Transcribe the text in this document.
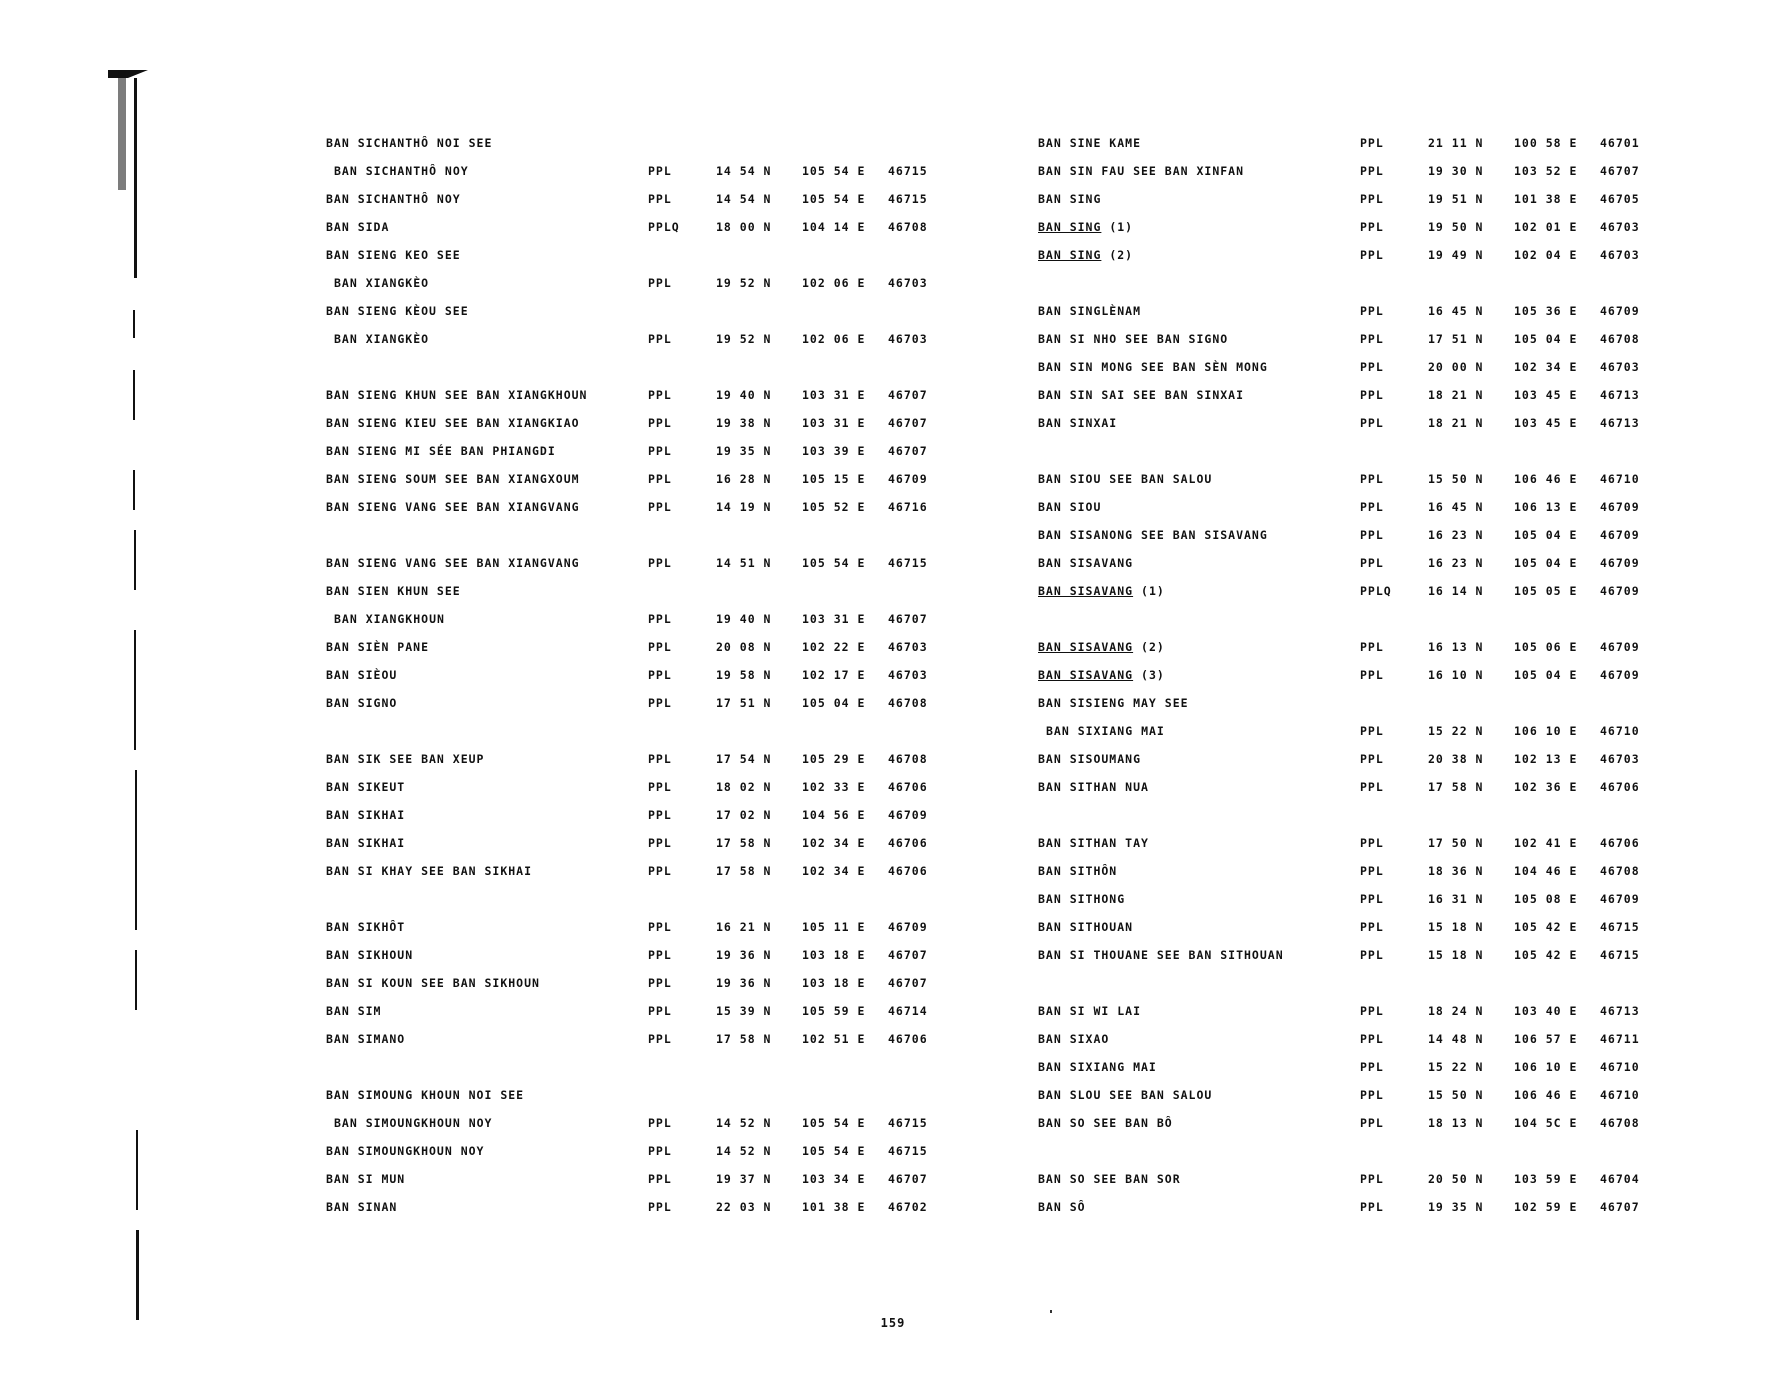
BAN SICHANTHÔ NOI SEE
BAN SICHANTHÔ NOY	PPL	14 54 N	105 54 E 46715
BAN SICHANTHÔ NOY	PPL	14 54 N	105 54 E 46715
BAN SIDA	PPLQ	18 00 N	104 14 E 46708
BAN SIENG KEO SEE
BAN XIANGKÈO	PPL	19 52 N	102 06 E 46703
BAN SIENG KÈOU SEE
BAN XIANGKÈO	PPL	19 52 N	102 06 E 46703
BAN SIENG KHUN SEE BAN XIANGKHOUN	PPL	19 40 N	103 31 E 46707
BAN SIENG KIEU SEE BAN XIANGKIAO	PPL	19 38 N	103 31 E 46707
BAN SIENG MI SÉE BAN PHIANGDI	PPL	19 35 N	103 39 E 46707
BAN SIENG SOUM SEE BAN XIANGXOUM	PPL	16 28 N	105 15 E 46709
BAN SIENG VANG SEE BAN XIANGVANG	PPL	14 19 N	105 52 E 46716
BAN SIENG VANG SEE BAN XIANGVANG	PPL	14 51 N	105 54 E 46715
BAN SIEN KHUN SEE
BAN XIANGKHOUN	PPL	19 40 N	103 31 E 46707
BAN SIÈN PANE	PPL	20 08 N	102 22 E 46703
BAN SIÈOU	PPL	19 58 N	102 17 E 46703
BAN SIGNO	PPL	17 51 N	105 04 E 46708
BAN SIK SEE BAN XEUP	PPL	17 54 N	105 29 E 46708
BAN SIKEUT	PPL	18 02 N	102 33 E 46706
BAN SIKHAI	PPL	17 02 N	104 56 E 46709
BAN SIKHAI	PPL	17 58 N	102 34 E 46706
BAN SI KHAY SEE BAN SIKHAI	PPL	17 58 N	102 34 E 46706
BAN SIKHÔT	PPL	16 21 N	105 11 E 46709
BAN SIKHOUN	PPL	19 36 N	103 18 E 46707
BAN SI KOUN SEE BAN SIKHOUN	PPL	19 36 N	103 18 E 46707
BAN SIM	PPL	15 39 N	105 59 E 46714
BAN SIMANO	PPL	17 58 N	102 51 E 46706
BAN SIMOUNG KHOUN NOI SEE
BAN SIMOUNGKHOUN NOY	PPL	14 52 N	105 54 E 46715
BAN SIMOUNGKHOUN NOY	PPL	14 52 N	105 54 E 46715
BAN SI MUN	PPL	19 37 N	103 34 E 46707
BAN SINAN	PPL	22 03 N	101 38 E 46702
BAN SINE KAME	PPL	21 11 N	100 58 E 46701
BAN SIN FAU SEE BAN XINFAN	PPL	19 30 N	103 52 E 46707
BAN SING	PPL	19 51 N	101 38 E 46705
BAN SING (1)	PPL	19 50 N	102 01 E 46703
BAN SING (2)	PPL	19 49 N	102 04 E 46703
BAN SINGLÈNAM	PPL	16 45 N	105 36 E 46709
BAN SI NHO SEE BAN SIGNO	PPL	17 51 N	105 04 E 46708
BAN SIN MONG SEE BAN SÈN MONG	PPL	20 00 N	102 34 E 46703
BAN SIN SAI SEE BAN SINXAI	PPL	18 21 N	103 45 E 46713
BAN SINXAI	PPL	18 21 N	103 45 E 46713
BAN SIOU SEE BAN SALOU	PPL	15 50 N	106 46 E 46710
BAN SIOU	PPL	16 45 N	106 13 E 46709
BAN SISANONG SEE BAN SISAVANG	PPL	16 23 N	105 04 E 46709
BAN SISAVANG	PPL	16 23 N	105 04 E 46709
BAN SISAVANG (1)	PPLQ	16 14 N	105 05 E 46709
BAN SISAVANG (2)	PPL	16 13 N	105 06 E 46709
BAN SISAVANG (3)	PPL	16 10 N	105 04 E 46709
BAN SISIENG MAY SEE
BAN SIXIANG MAI	PPL	15 22 N	106 10 E 46710
BAN SISOUMANG	PPL	20 38 N	102 13 E 46703
BAN SITHAN NUA	PPL	17 58 N	102 36 E 46706
BAN SITHAN TAY	PPL	17 50 N	102 41 E 46706
BAN SITHÔN	PPL	18 36 N	104 46 E 46708
BAN SITHONG	PPL	16 31 N	105 08 E 46709
BAN SITHOUAN	PPL	15 18 N	105 42 E 46715
BAN SI THOUANE SEE BAN SITHOUAN	PPL	15 18 N	105 42 E 46715
BAN SI WI LAI	PPL	18 24 N	103 40 E 46713
BAN SIXAO	PPL	14 48 N	106 57 E 46711
BAN SIXIANG MAI	PPL	15 22 N	106 10 E 46710
BAN SLOU SEE BAN SALOU	PPL	15 50 N	106 46 E 46710
BAN SO SEE BAN BÔ	PPL	18 13 N	104 5C E 46708
BAN SO SEE BAN SOR	PPL	20 50 N	103 59 E 46704
BAN SÔ	PPL	19 35 N	102 59 E 46707
159
